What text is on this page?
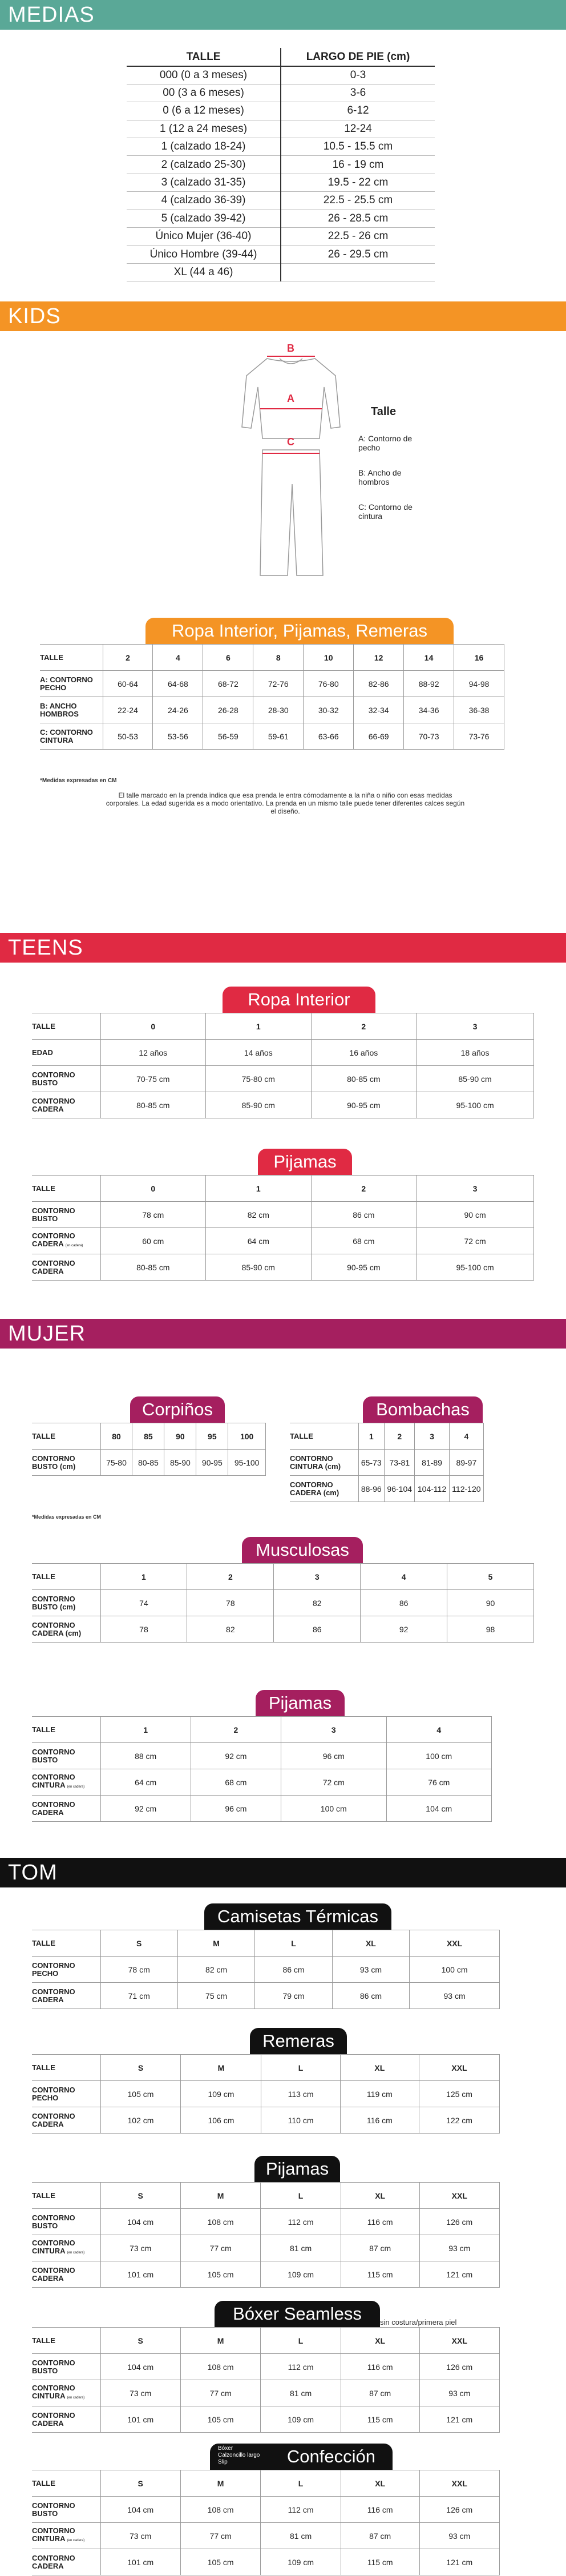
MEDIAS
TALLE	LARGO DE PIE (cm)
000 (0 a 3 meses)	0-3
00 (3 a 6 meses)	3-6
0 (6 a 12 meses)	6-12
1 (12 a 24 meses)	12-24
1 (calzado 18-24)	10.5 - 15.5 cm
2 (calzado 25-30)	16 - 19 cm
3 (calzado 31-35)	19.5 - 22 cm
4 (calzado 36-39)	22.5 - 25.5 cm
5 (calzado 39-42)	26 - 28.5 cm
Único Mujer (36-40)	22.5 - 26 cm
Único Hombre (39-44)	26 - 29.5 cm
XL (44 a 46)	
KIDS
B
A
C
Talle
A: Contorno de pecho
B: Ancho de hombros
C: Contorno de cintura
Ropa Interior, Pijamas, Remeras
TALLE	2	4	6	8	10	12	14	16
A: CONTORNO PECHO	60-64	64-68	68-72	72-76	76-80	82-86	88-92	94-98
B: ANCHO HOMBROS	22-24	24-26	26-28	28-30	30-32	32-34	34-36	36-38
C: CONTORNO CINTURA	50-53	53-56	56-59	59-61	63-66	66-69	70-73	73-76
*Medidas expresadas en CM
El talle marcado en la prenda indica que esa prenda le entra cómodamente a la niña o niño con esas medidas corporales. La edad sugerida es a modo orientativo. La prenda en un mismo talle puede tener diferentes calces según el diseño.
TEENS
Ropa Interior
TALLE	0	1	2	3
EDAD	12 años	14 años	16 años	18 años
CONTORNO BUSTO	70-75 cm	75-80 cm	80-85 cm	85-90 cm
CONTORNO CADERA	80-85 cm	85-90 cm	90-95 cm	95-100 cm
Pijamas
TALLE	0	1	2	3
CONTORNO BUSTO	78 cm	82 cm	86 cm	90 cm
CONTORNO CADERA (en cadera)	60 cm	64 cm	68 cm	72 cm
CONTORNO CADERA	80-85 cm	85-90 cm	90-95 cm	95-100 cm
MUJER
Corpiños
TALLE	80	85	90	95	100
CONTORNO BUSTO (cm)	75-80	80-85	85-90	90-95	95-100
*Medidas expresadas en CM
Bombachas
TALLE	1	2	3	4
CONTORNO CINTURA (cm)	65-73	73-81	81-89	89-97
CONTORNO CADERA (cm)	88-96	96-104	104-112	112-120
Musculosas
TALLE	1	2	3	4	5
CONTORNO BUSTO (cm)	74	78	82	86	90
CONTORNO CADERA (cm)	78	82	86	92	98
Pijamas
TALLE	1	2	3	4
CONTORNO BUSTO	88 cm	92 cm	96 cm	100 cm
CONTORNO CINTURA (en cadera)	64 cm	68 cm	72 cm	76 cm
CONTORNO CADERA	92 cm	96 cm	100 cm	104 cm
TOM
Camisetas Térmicas
TALLE	S	M	L	XL	XXL
CONTORNO PECHO	78 cm	82 cm	86 cm	93 cm	100 cm
CONTORNO CADERA	71 cm	75 cm	79 cm	86 cm	93 cm
Remeras
TALLE	S	M	L	XL	XXL
CONTORNO PECHO	105 cm	109 cm	113 cm	119 cm	125 cm
CONTORNO CADERA	102 cm	106 cm	110 cm	116 cm	122 cm
Pijamas
TALLE	S	M	L	XL	XXL
CONTORNO BUSTO	104 cm	108 cm	112 cm	116 cm	126 cm
CONTORNO CINTURA (en cadera)	73 cm	77 cm	81 cm	87 cm	93 cm
CONTORNO CADERA	101 cm	105 cm	109 cm	115 cm	121 cm
Bóxer Seamless	sin costura/primera piel
TALLE	S	M	L	XL	XXL
CONTORNO BUSTO	104 cm	108 cm	112 cm	116 cm	126 cm
CONTORNO CINTURA (en cadera)	73 cm	77 cm	81 cm	87 cm	93 cm
CONTORNO CADERA	101 cm	105 cm	109 cm	115 cm	121 cm
Confección
Bóxer
Calzoncillo largo
Slip
TALLE	S	M	L	XL	XXL
CONTORNO BUSTO	104 cm	108 cm	112 cm	116 cm	126 cm
CONTORNO CINTURA (en cadera)	73 cm	77 cm	81 cm	87 cm	93 cm
CONTORNO CADERA	101 cm	105 cm	109 cm	115 cm	121 cm
